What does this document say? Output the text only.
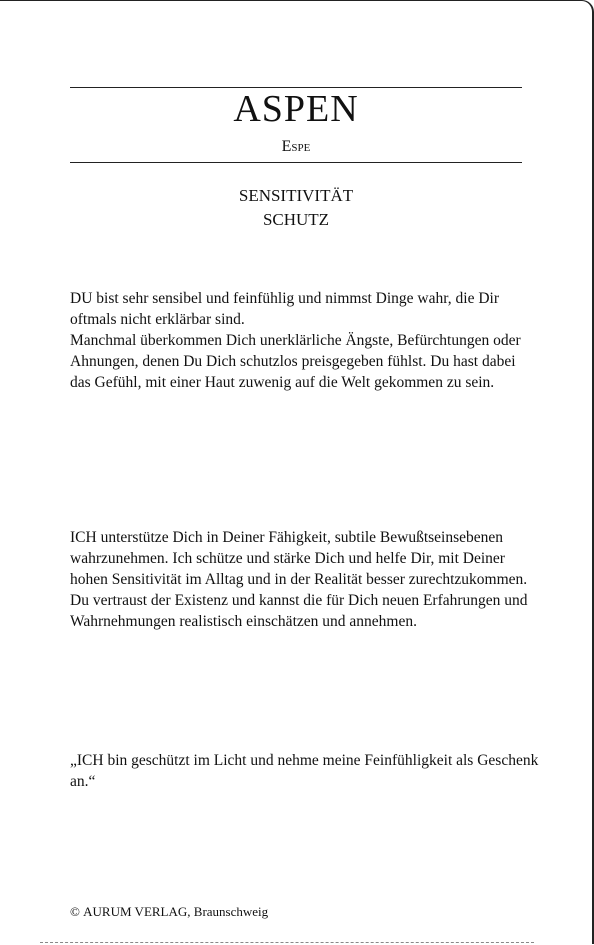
ASPEN
Espe
SENSITIVITÄT
SCHUTZ

DU bist sehr sensibel und feinfühlig und nimmst Dinge wahr, die Dir oftmals nicht erklärbar sind.

Manchmal überkommen Dich unerklärliche Ängste, Befürchtungen oder Ahnungen, denen Du Dich schutzlos preisgegeben fühlst. Du hast dabei das Gefühl, mit einer Haut zuwenig auf die Welt gekommen zu sein.

ICH unterstütze Dich in Deiner Fähigkeit, subtile Bewußtseinsebenen wahrzunehmen. Ich schütze und stärke Dich und helfe Dir, mit Deiner hohen Sensitivität im Alltag und in der Realität besser zurechtzukommen.

Du vertraust der Existenz und kannst die für Dich neuen Erfahrungen und Wahrnehmungen realistisch einschätzen und annehmen.

„ICH bin geschützt im Licht und nehme meine Feinfühligkeit als Geschenk an.“
© AURUM VERLAG, Braunschweig
